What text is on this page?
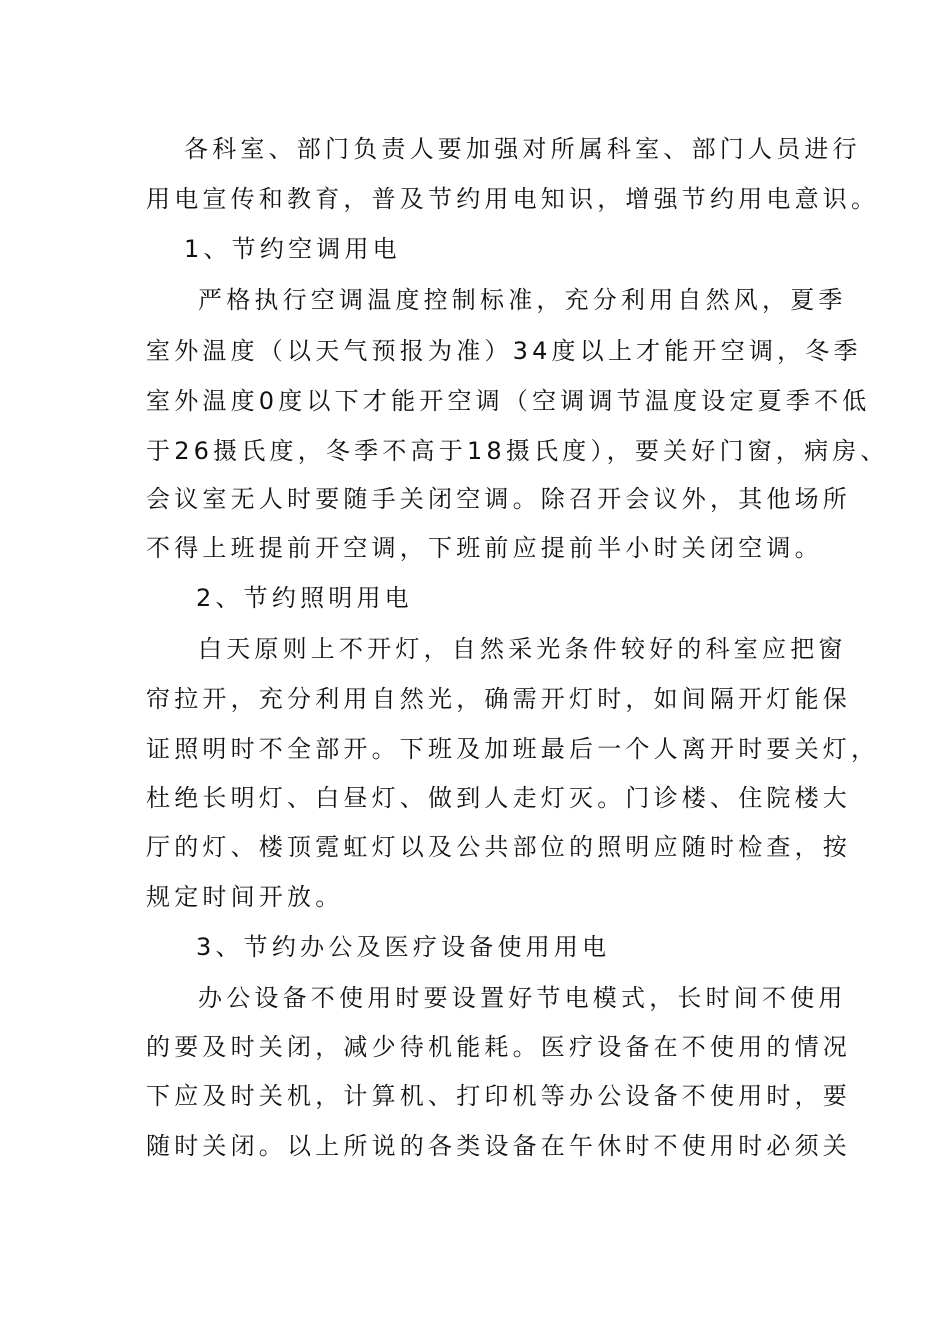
各科室、部门负责人要加强对所属科室、部门人员进行

用电宣传和教育，普及节约用电知识，增强节约用电意识。

1、节约空调用电

严格执行空调温度控制标准，充分利用自然风，夏季

室外温度（以天气预报为准）34度以上才能开空调，冬季

室外温度0度以下才能开空调（空调调节温度设定夏季不低

于26摄氏度，冬季不高于18摄氏度），要关好门窗，病房、

会议室无人时要随手关闭空调。除召开会议外，其他场所

不得上班提前开空调，下班前应提前半小时关闭空调。

2、节约照明用电

白天原则上不开灯，自然采光条件较好的科室应把窗

帘拉开，充分利用自然光，确需开灯时，如间隔开灯能保

证照明时不全部开。下班及加班最后一个人离开时要关灯，

杜绝长明灯、白昼灯、做到人走灯灭。门诊楼、住院楼大

厅的灯、楼顶霓虹灯以及公共部位的照明应随时检查，按

规定时间开放。

3、节约办公及医疗设备使用用电

办公设备不使用时要设置好节电模式，长时间不使用

的要及时关闭，减少待机能耗。医疗设备在不使用的情况

下应及时关机，计算机、打印机等办公设备不使用时，要

随时关闭。以上所说的各类设备在午休时不使用时必须关
